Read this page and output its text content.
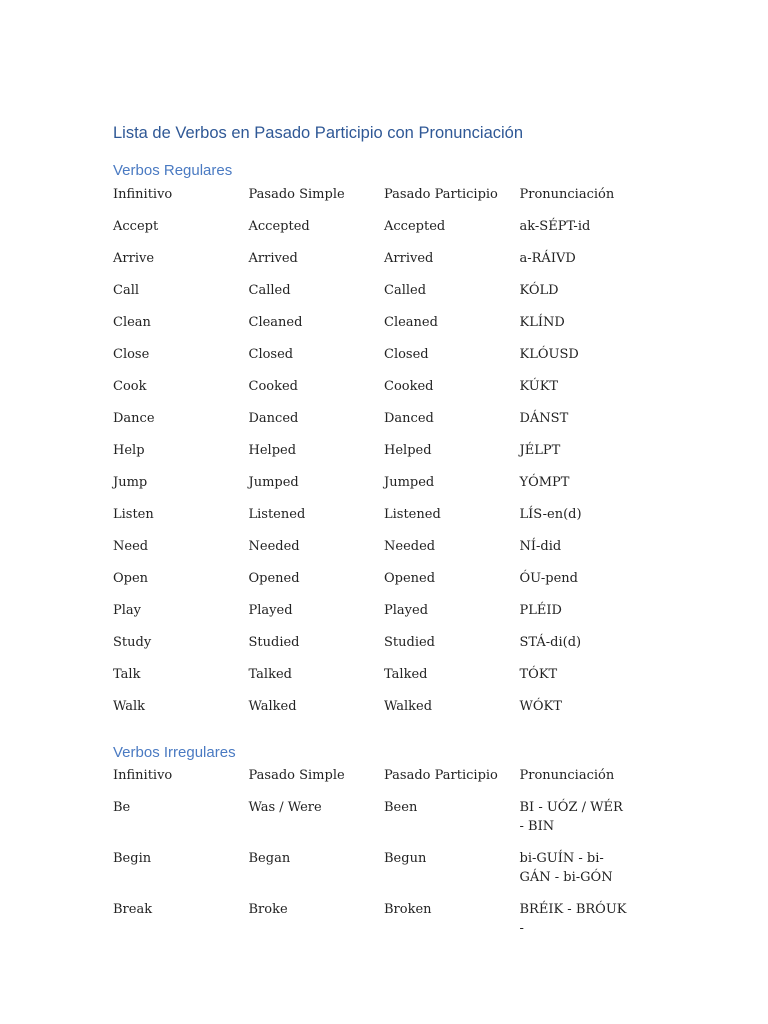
Lista de Verbos en Pasado Participio con Pronunciación
Verbos Regulares
Infinitivo	Pasado Simple	Pasado Participio	Pronunciación
Accept	Accepted	Accepted	ak-SÉPT-id
Arrive	Arrived	Arrived	a-RÁIVD
Call	Called	Called	KÓLD
Clean	Cleaned	Cleaned	KLÍND
Close	Closed	Closed	KLÓUSD
Cook	Cooked	Cooked	KÚKT
Dance	Danced	Danced	DÁNST
Help	Helped	Helped	JÉLPT
Jump	Jumped	Jumped	YÓMPT
Listen	Listened	Listened	LÍS-en(d)
Need	Needed	Needed	NÍ-did
Open	Opened	Opened	ÓU-pend
Play	Played	Played	PLÉID
Study	Studied	Studied	STÁ-di(d)
Talk	Talked	Talked	TÓKT
Walk	Walked	Walked	WÓKT
Verbos Irregulares
Infinitivo	Pasado Simple	Pasado Participio	Pronunciación
Be	Was / Were	Been	BI - UÓZ / WÉR - BIN
Begin	Began	Begun	bi-GUÍN - bi-GÁN - bi-GÓN
Break	Broke	Broken	BRÉIK - BRÓUK -
